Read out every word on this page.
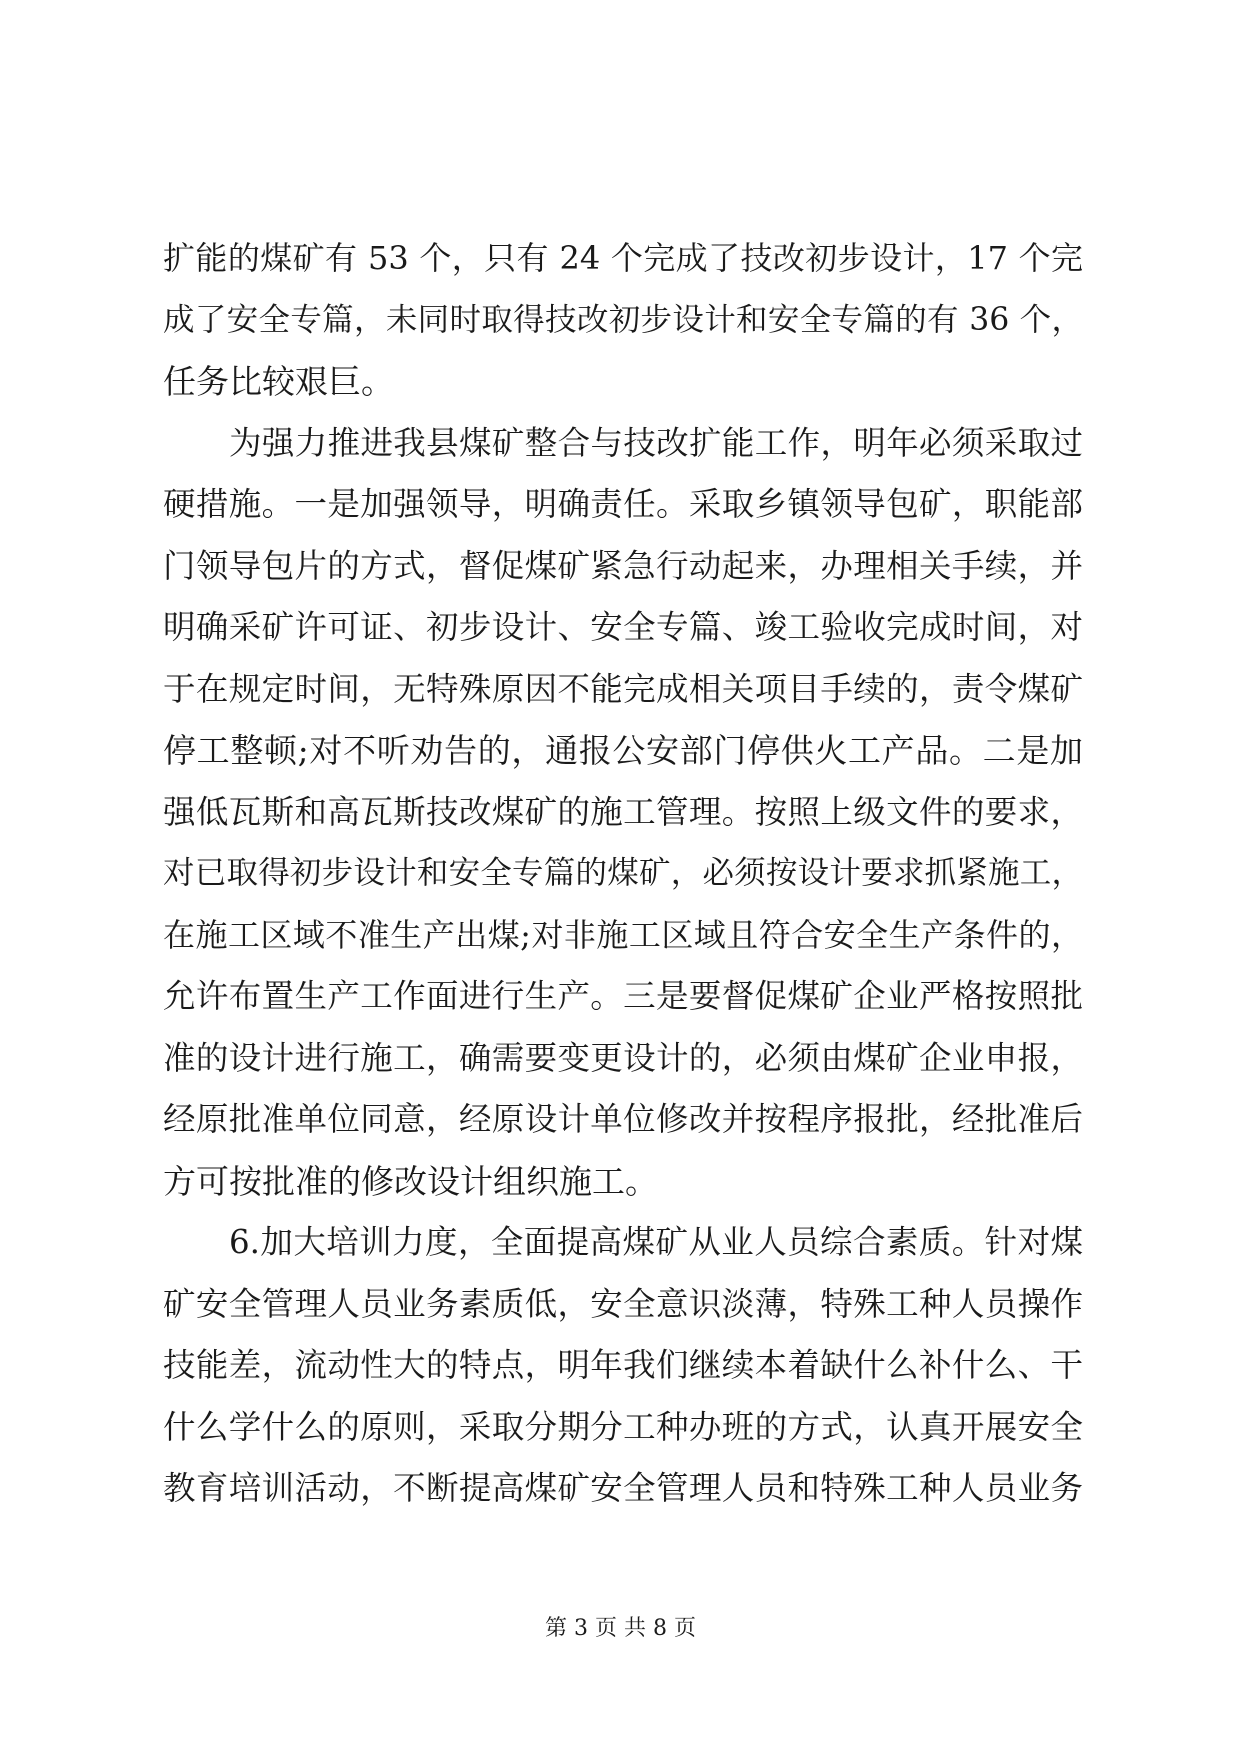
扩能的煤矿有 53 个，只有 24 个完成了技改初步设计，17 个完
成了安全专篇，未同时取得技改初步设计和安全专篇的有 36 个，
任务比较艰巨。
为强力推进我县煤矿整合与技改扩能工作，明年必须采取过
硬措施。一是加强领导，明确责任。采取乡镇领导包矿，职能部
门领导包片的方式，督促煤矿紧急行动起来，办理相关手续，并
明确采矿许可证、初步设计、安全专篇、竣工验收完成时间，对
于在规定时间，无特殊原因不能完成相关项目手续的，责令煤矿
停工整顿;对不听劝告的，通报公安部门停供火工产品。二是加
强低瓦斯和高瓦斯技改煤矿的施工管理。按照上级文件的要求，
对已取得初步设计和安全专篇的煤矿，必须按设计要求抓紧施工，
在施工区域不准生产出煤;对非施工区域且符合安全生产条件的，
允许布置生产工作面进行生产。三是要督促煤矿企业严格按照批
准的设计进行施工，确需要变更设计的，必须由煤矿企业申报，
经原批准单位同意，经原设计单位修改并按程序报批，经批准后
方可按批准的修改设计组织施工。
6.加大培训力度，全面提高煤矿从业人员综合素质。针对煤
矿安全管理人员业务素质低，安全意识淡薄，特殊工种人员操作
技能差，流动性大的特点，明年我们继续本着缺什么补什么、干
什么学什么的原则，采取分期分工种办班的方式，认真开展安全
教育培训活动，不断提高煤矿安全管理人员和特殊工种人员业务
第 3 页 共 8 页
